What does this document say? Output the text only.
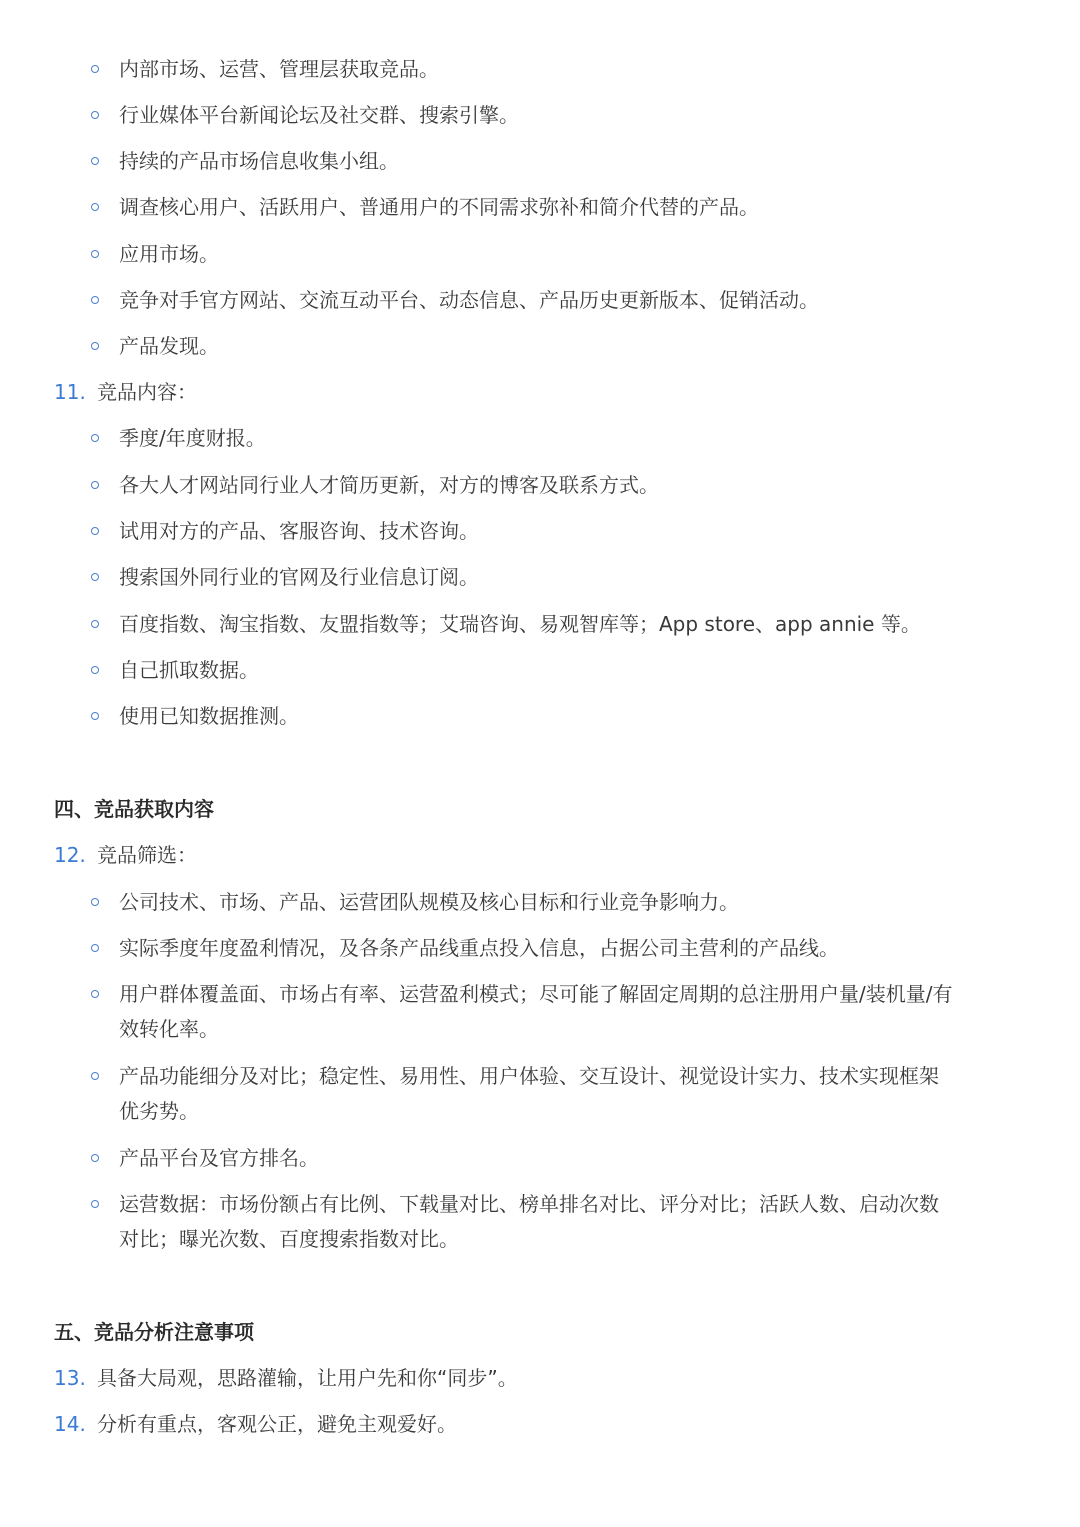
内部市场、运营、管理层获取竞品。
行业媒体平台新闻论坛及社交群、搜索引擎。
持续的产品市场信息收集小组。
调查核心用户、活跃用户、普通用户的不同需求弥补和简介代替的产品。
应用市场。
竞争对手官方网站、交流互动平台、动态信息、产品历史更新版本、促销活动。
产品发现。
11. 竞品内容：
季度/年度财报。
各大人才网站同行业人才简历更新，对方的博客及联系方式。
试用对方的产品、客服咨询、技术咨询。
搜索国外同行业的官网及行业信息订阅。
百度指数、淘宝指数、友盟指数等；艾瑞咨询、易观智库等；App store、app annie 等。
自己抓取数据。
使用已知数据推测。
四、竞品获取内容
12. 竞品筛选：
公司技术、市场、产品、运营团队规模及核心目标和行业竞争影响力。
实际季度年度盈利情况，及各条产品线重点投入信息，占据公司主营利的产品线。
用户群体覆盖面、市场占有率、运营盈利模式；尽可能了解固定周期的总注册用户量/装机量/有
效转化率。
产品功能细分及对比；稳定性、易用性、用户体验、交互设计、视觉设计实力、技术实现框架
优劣势。
产品平台及官方排名。
运营数据：市场份额占有比例、下载量对比、榜单排名对比、评分对比；活跃人数、启动次数
对比；曝光次数、百度搜索指数对比。
五、竞品分析注意事项
13. 具备大局观，思路灌输，让用户先和你“同步”。
14. 分析有重点，客观公正，避免主观爱好。
